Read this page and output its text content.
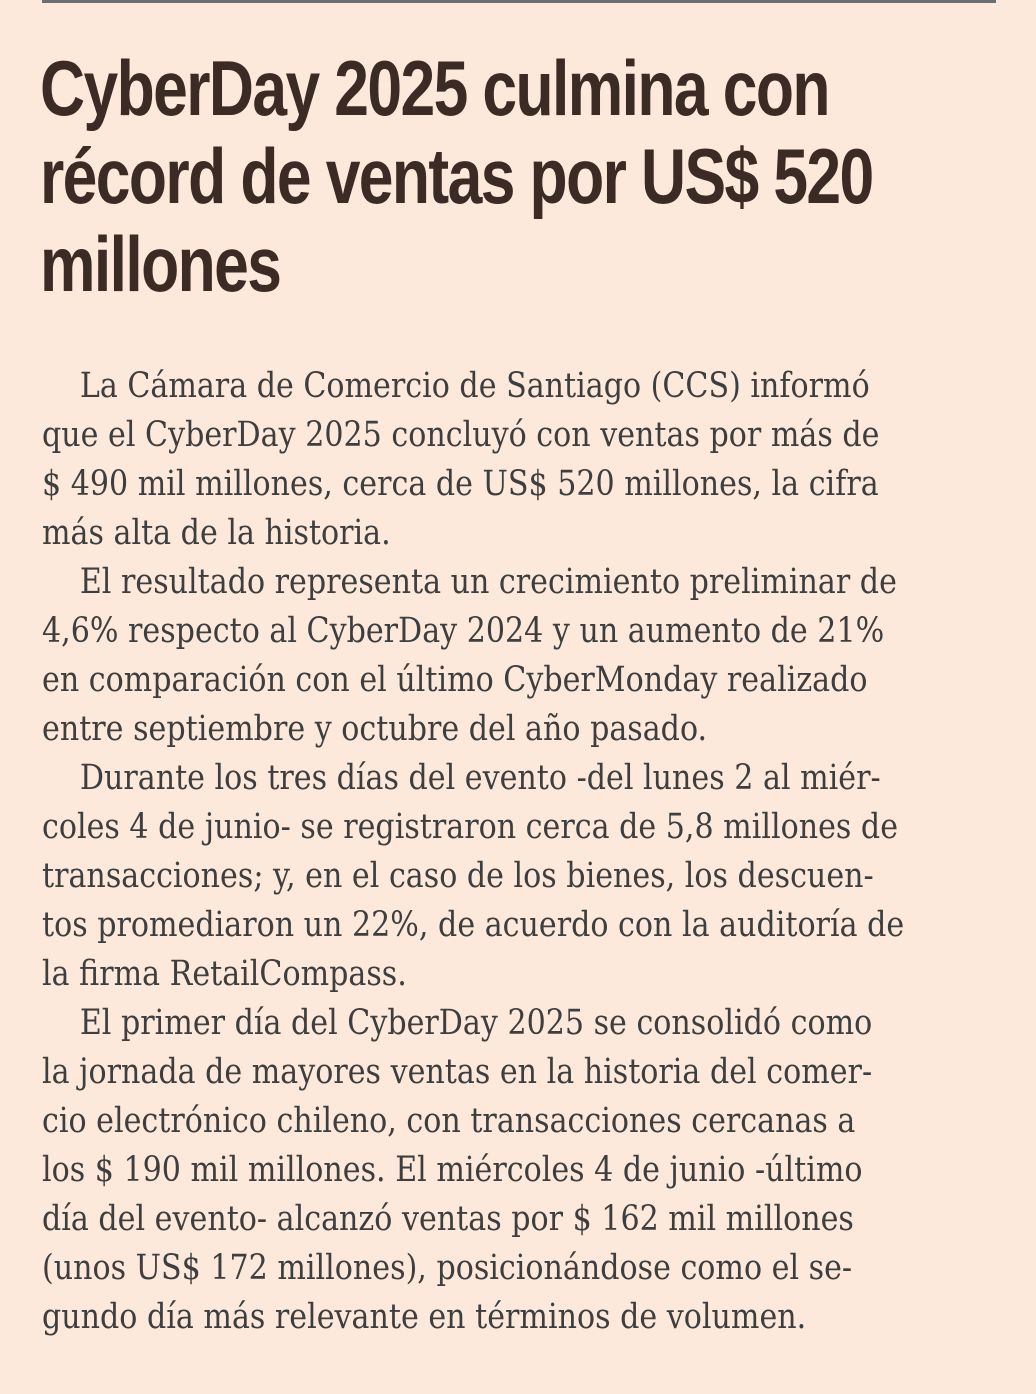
CyberDay 2025 culmina con
récord de ventas por US$ 520
millones
La Cámara de Comercio de Santiago (CCS) informó
que el CyberDay 2025 concluyó con ventas por más de
$ 490 mil millones, cerca de US$ 520 millones, la cifra
más alta de la historia.
El resultado representa un crecimiento preliminar de
4,6% respecto al CyberDay 2024 y un aumento de 21%
en comparación con el último CyberMonday realizado
entre septiembre y octubre del año pasado.
Durante los tres días del evento -del lunes 2 al miér-
coles 4 de junio- se registraron cerca de 5,8 millones de
transacciones; y, en el caso de los bienes, los descuen-
tos promediaron un 22%, de acuerdo con la auditoría de
la firma RetailCompass.
El primer día del CyberDay 2025 se consolidó como
la jornada de mayores ventas en la historia del comer-
cio electrónico chileno, con transacciones cercanas a
los $ 190 mil millones. El miércoles 4 de junio -último
día del evento- alcanzó ventas por $ 162 mil millones
(unos US$ 172 millones), posicionándose como el se-
gundo día más relevante en términos de volumen.
